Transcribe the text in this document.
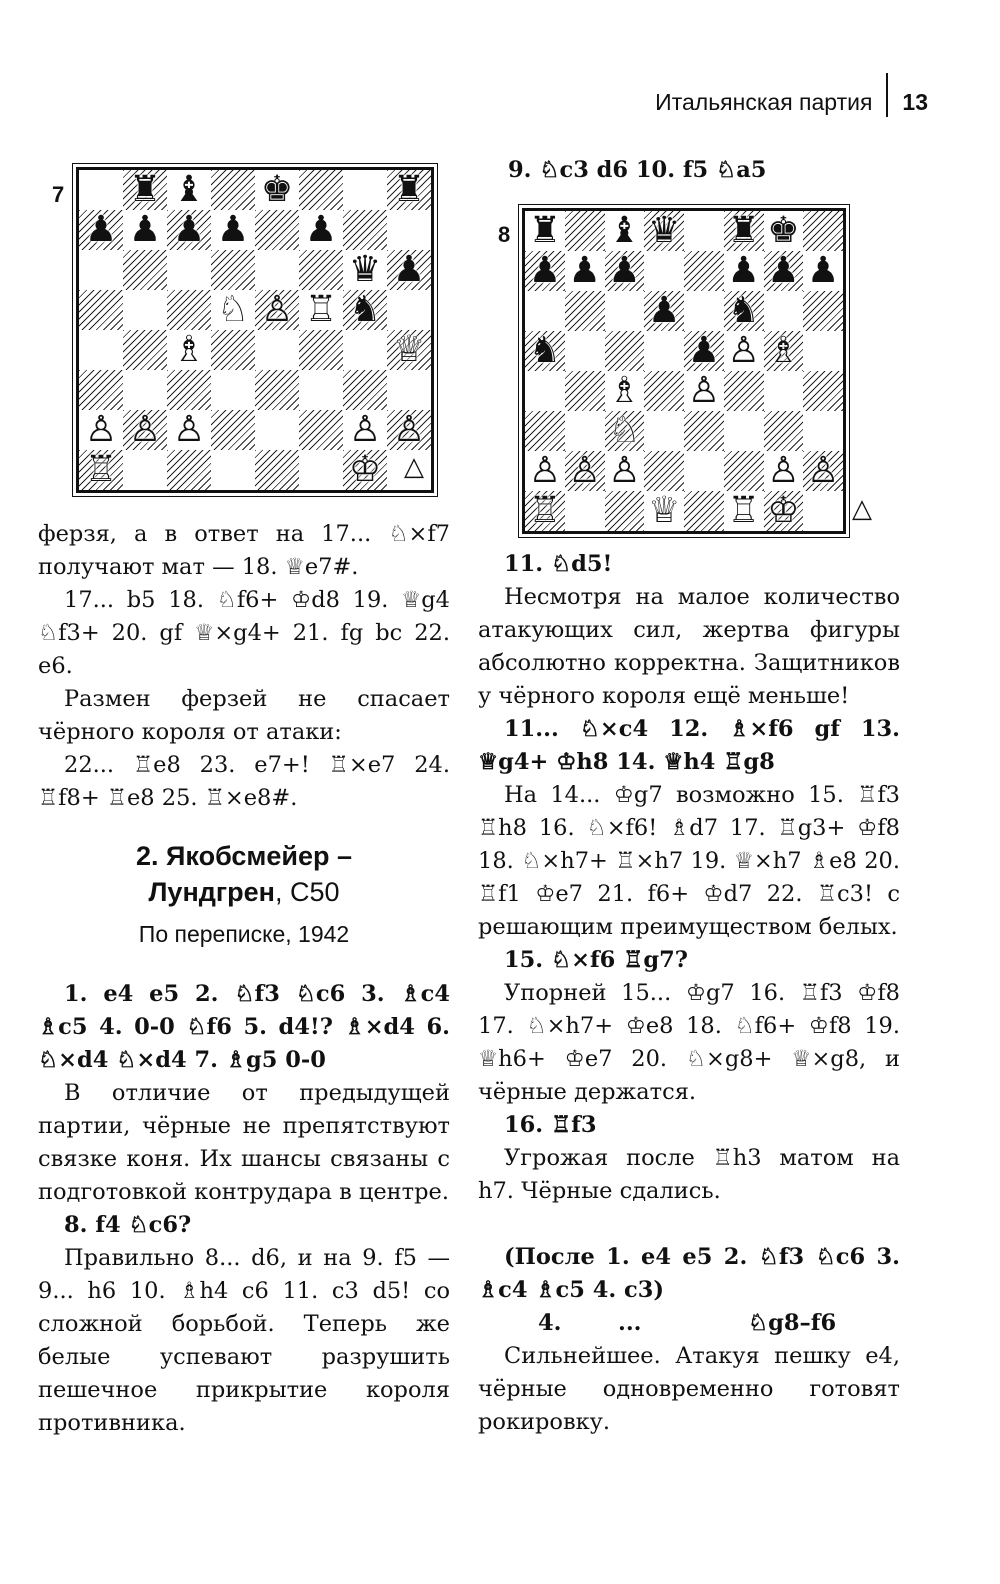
Итальянская партия 13
7 ♜ ♝ ♚	♜
♟ ♟ ♟ ♟ ♟
♛ ♟
♘ ♙ ♖ ♞
♗	♕
♙ ♙ ♙	♙ ♙
♖	♔ △

ферзя, а в ответ на 17... ♘×f7 получают мат — 18. ♕e7#.

17... b5 18. ♘f6+ ♔d8 19. ♕g4 ♘f3+ 20. gf ♕×g4+ 21. fg bc 22. e6.

Размен ферзей не спасает чёрного короля от атаки:

22... ♖e8 23. e7+! ♖×e7 24. ♖f8+ ♖e8 25. ♖×e8#.

2. Якобсмейер –
Лундгрен, C50
По переписке, 1942

1. e4 e5 2. ♘f3 ♘c6 3. ♗c4 ♗c5 4. 0-0 ♘f6 5. d4!? ♗×d4 6. ♘×d4 ♘×d4 7. ♗g5 0-0

В отличие от предыдущей партии, чёрные не препятствуют связке коня. Их шансы связаны с подготовкой контрудара в центре.

8. f4 ♘c6?

Правильно 8... d6, и на 9. f5 — 9... h6 10. ♗h4 c6 11. c3 d5! со сложной борьбой. Теперь же белые успевают разрушить пешечное прикрытие короля противника.

9. ♘c3 d6 10. f5 ♘a5

8 ♜ ♝ ♛ ♜ ♚
♟ ♟ ♟ ♟ ♟ ♟
♟ ♞
♞	♟ ♙ ♗
♗ ♙
♘
♙ ♙ ♙	♙ ♙
♖ ♕ ♖ ♔ △

11. ♘d5!

Несмотря на малое количество атакующих сил, жертва фигуры абсолютно корректна. Защитников у чёрного короля ещё меньше!

11... ♘×c4 12. ♗×f6 gf 13. ♕g4+ ♔h8 14. ♕h4 ♖g8

На 14... ♔g7 возможно 15. ♖f3 ♖h8 16. ♘×f6! ♗d7 17. ♖g3+ ♔f8 18. ♘×h7+ ♖×h7 19. ♕×h7 ♗e8 20. ♖f1 ♔e7 21. f6+ ♔d7 22. ♖c3! с решающим преимуществом белых.

15. ♘×f6 ♖g7?

Упорней 15... ♔g7 16. ♖f3 ♔f8 17. ♘×h7+ ♔e8 18. ♘f6+ ♔f8 19. ♕h6+ ♔e7 20. ♘×g8+ ♕×g8, и чёрные держатся.

16. ♖f3

Угрожая после ♖h3 матом на h7. Чёрные сдались.

(После 1. e4 e5 2. ♘f3 ♘c6 3. ♗c4 ♗c5 4. c3)

4.	...	♘g8–f6

Сильнейшее. Атакуя пешку e4, чёрные одновременно готовят рокировку.
